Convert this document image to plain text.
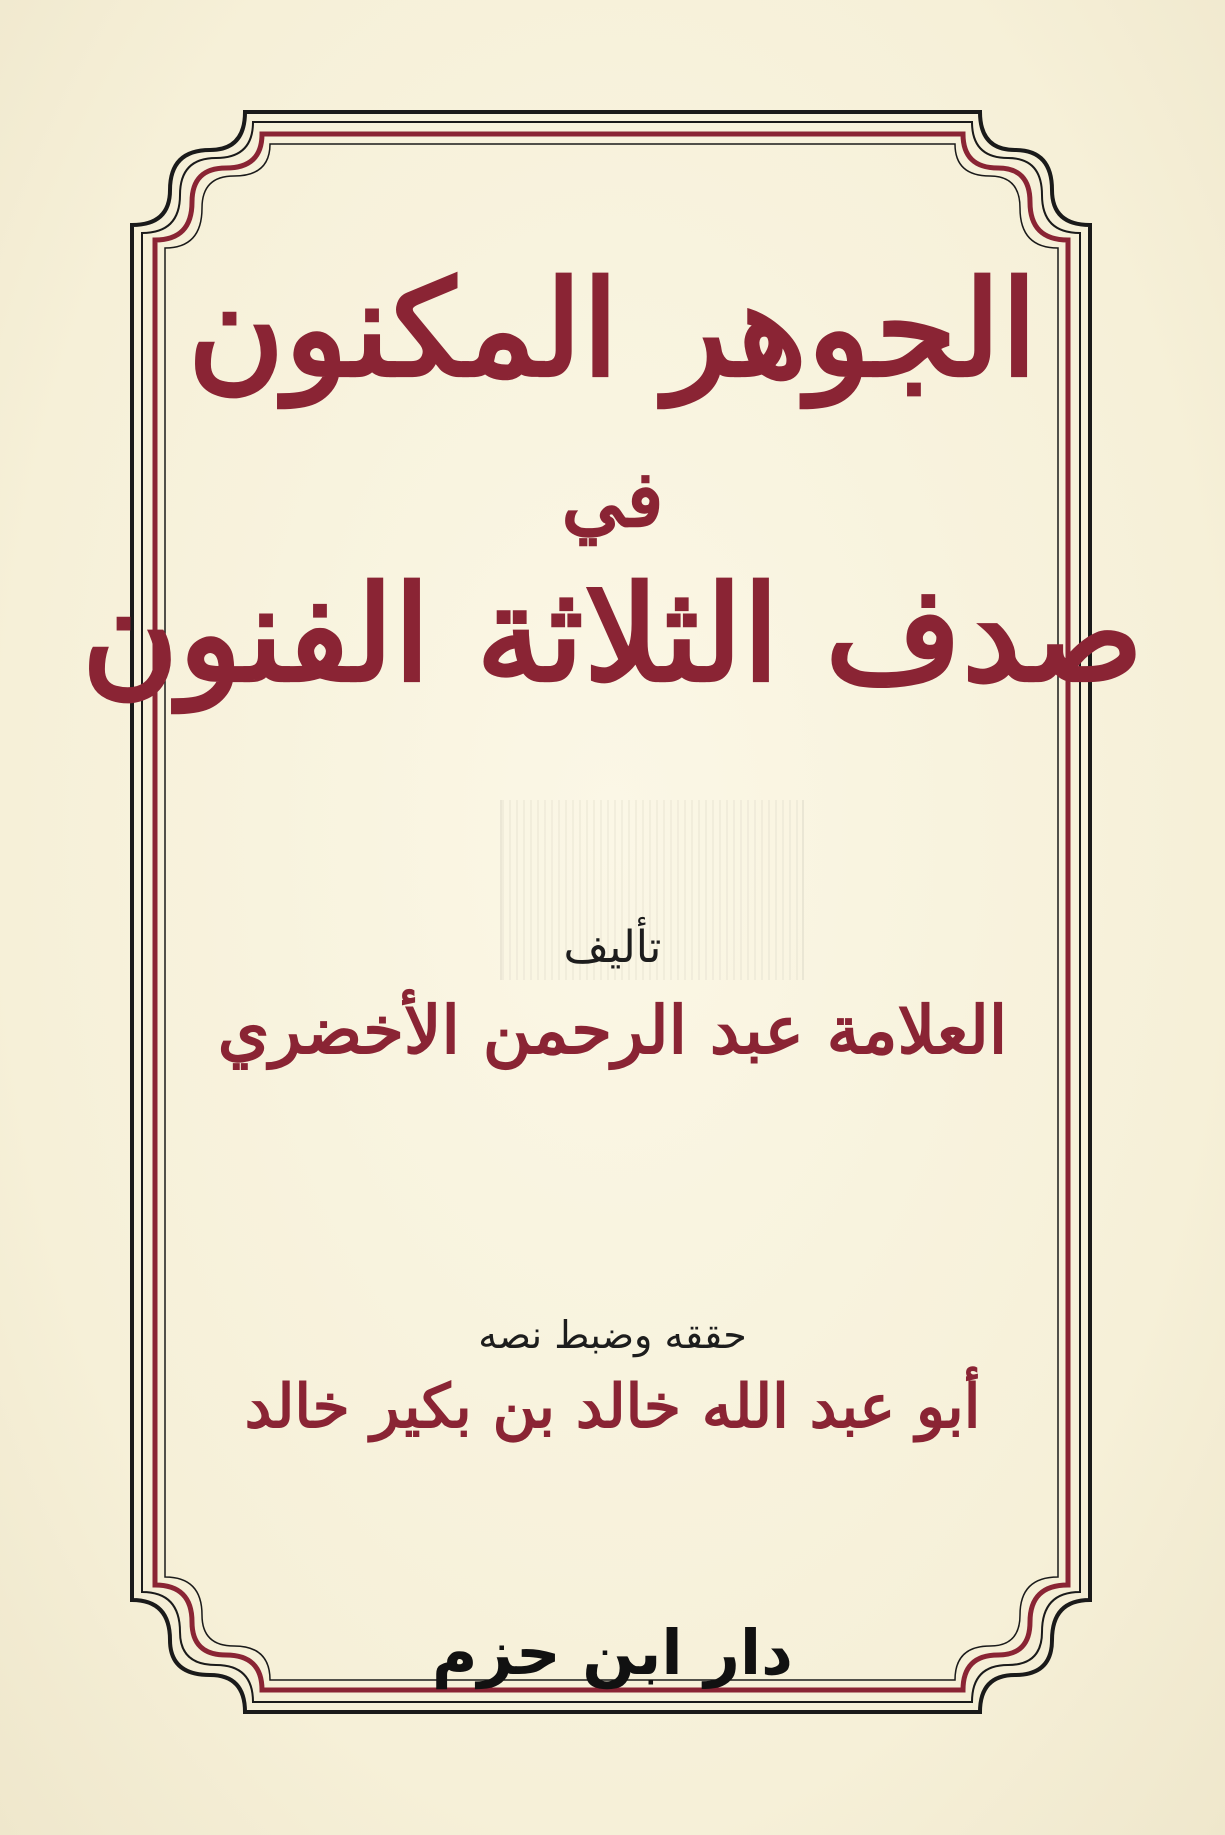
الجوهر المكنون
في
صدف الثلاثة الفنون
تأليف
العلامة عبد الرحمن الأخضري
حققه وضبط نصه
أبو عبد الله خالد بن بكير خالد
دار ابن حزم
